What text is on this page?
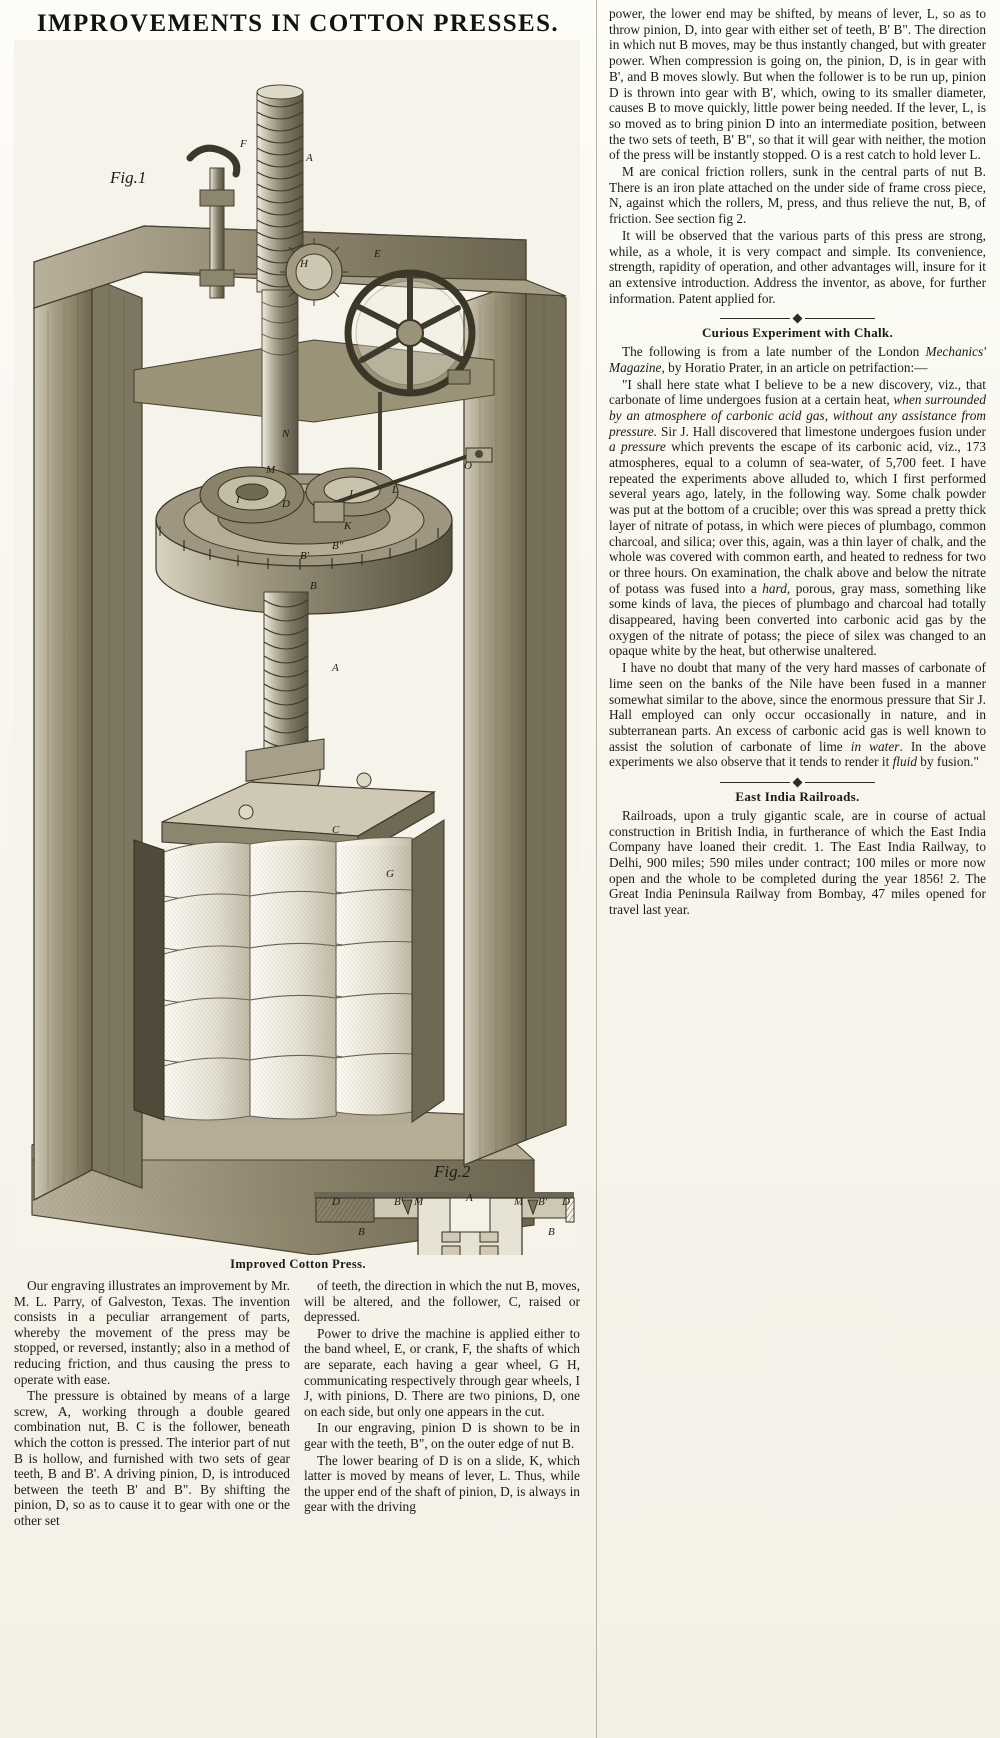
IMPROVEMENTS IN COTTON PRESSES.
Fig.1
Fig.2
F
A
E
N
M
B'
B"
L
O
K
B
A
C
H
I	J
D
G
D	B' M	A	M B' D
B	B
Improved Cotton Press.

Our engraving illustrates an improvement by Mr. M. L. Parry, of Galveston, Texas. The invention consists in a peculiar arrangement of parts, whereby the movement of the press may be stopped, or reversed, instantly; also in a method of reducing friction, and thus causing the press to operate with ease.

The pressure is obtained by means of a large screw, A, working through a double geared combination nut, B. C is the follower, beneath which the cotton is pressed. The interior part of nut B is hollow, and furnished with two sets of gear teeth, B and B'. A driving pinion, D, is introduced between the teeth B' and B". By shifting the pinion, D, so as to cause it to gear with one or the other set

of teeth, the direction in which the nut B, moves, will be altered, and the follower, C, raised or depressed.

Power to drive the machine is applied either to the band wheel, E, or crank, F, the shafts of which are separate, each having a gear wheel, G H, communicating respectively through gear wheels, I J, with pinions, D. There are two pinions, D, one on each side, but only one appears in the cut.

In our engraving, pinion D is shown to be in gear with the teeth, B", on the outer edge of nut B.

The lower bearing of D is on a slide, K, which latter is moved by means of lever, L. Thus, while the upper end of the shaft of pinion, D, is always in gear with the driving

power, the lower end may be shifted, by means of lever, L, so as to throw pinion, D, into gear with either set of teeth, B' B". The direction in which nut B moves, may be thus instantly changed, but with greater power. When compression is going on, the pinion, D, is in gear with B', and B moves slowly. But when the follower is to be run up, pinion D is thrown into gear with B', which, owing to its smaller diameter, causes B to move quickly, little power being needed. If the lever, L, is so moved as to bring pinion D into an intermediate position, between the two sets of teeth, B' B", so that it will gear with neither, the motion of the press will be instantly stopped. O is a rest catch to hold lever L.

M are conical friction rollers, sunk in the central parts of nut B. There is an iron plate attached on the under side of frame cross piece, N, against which the rollers, M, press, and thus relieve the nut, B, of friction. See section fig 2.

It will be observed that the various parts of this press are strong, while, as a whole, it is very compact and simple. Its convenience, strength, rapidity of operation, and other advantages will, insure for it an extensive introduction. Address the inventor, as above, for further information. Patent applied for.

Curious Experiment with Chalk.

The following is from a late number of the London Mechanics' Magazine, by Horatio Prater, in an article on petrifaction:—

"I shall here state what I believe to be a new discovery, viz., that carbonate of lime undergoes fusion at a certain heat, when surrounded by an atmosphere of carbonic acid gas, without any assistance from pressure. Sir J. Hall discovered that limestone undergoes fusion under a pressure which prevents the escape of its carbonic acid, viz., 173 atmospheres, equal to a column of sea-water, of 5,700 feet. I have repeated the experiments above alluded to, which I first performed several years ago, lately, in the following way. Some chalk powder was put at the bottom of a crucible; over this was spread a pretty thick layer of nitrate of potass, in which were pieces of plumbago, common charcoal, and silica; over this, again, was a thin layer of chalk, and the whole was covered with common earth, and heated to redness for two or three hours. On examination, the chalk above and below the nitrate of potass was fused into a hard, porous, gray mass, something like some kinds of lava, the pieces of plumbago and charcoal had totally disappeared, having been converted into carbonic acid gas by the oxygen of the nitrate of potass; the piece of silex was changed to an opaque white by the heat, but otherwise unaltered.

I have no doubt that many of the very hard masses of carbonate of lime seen on the banks of the Nile have been fused in a manner somewhat similar to the above, since the enormous pressure that Sir J. Hall employed can only occur occasionally in nature, and in subterranean parts. An excess of carbonic acid gas is well known to assist the solution of carbonate of lime in water. In the above experiments we also observe that it tends to render it fluid by fusion."

East India Railroads.

Railroads, upon a truly gigantic scale, are in course of actual construction in British India, in furtherance of which the East India Company have loaned their credit. 1. The East India Railway, to Delhi, 900 miles; 590 miles under contract; 100 miles or more now open and the whole to be completed during the year 1856! 2. The Great India Peninsula Railway from Bombay, 47 miles opened for travel last year.
